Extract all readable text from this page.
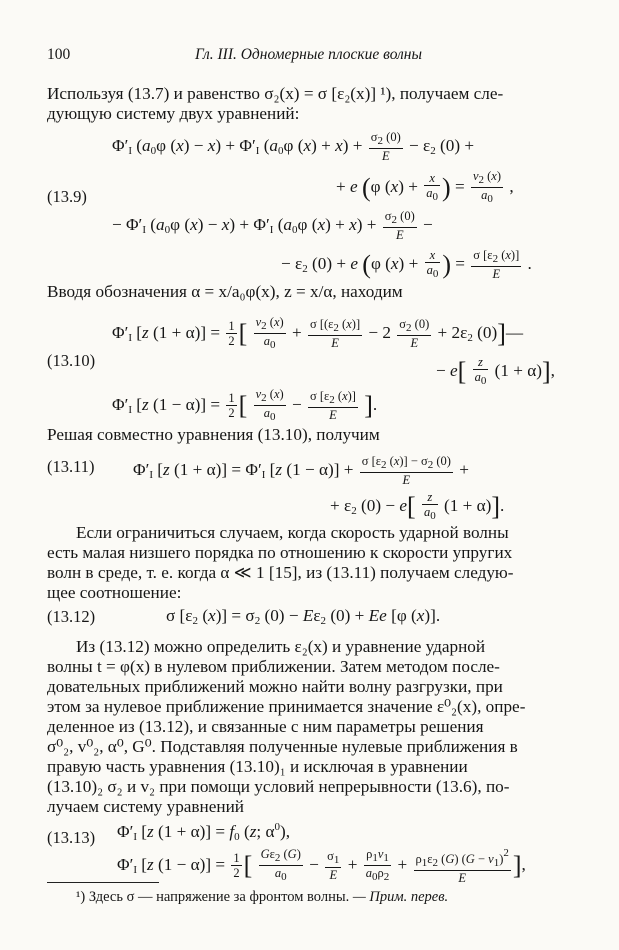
100	Гл. III. Одномерные плоские волны
Используя (13.7) и равенство σ₂(x) = σ [ε₂(x)] ¹), получаем сле-
дующую систему двух уравнений:
(13.9)
$\Phi'_I$ ($a_0\varphi$ $(x) - x) + \Phi'_I$ ($a_0\varphi$ $(x) + x) + \frac{\sigma 2 (0)}{E} - \varepsilon_2$ (0) +
+ e (φ $(x) + \frac{x}{a0}$ ) = $\frac{v2 (x)}{a0}$ ,
− $\Phi'_I$ ($a_0\varphi$ $(x) - x) + \Phi'_I$ ($a_0\varphi$ $(x) + x) + \frac{\sigma 2 (0)}{E}$ −
− $\varepsilon_2$ (0) + e (φ $(x) + \frac{x}{a0}$ ) = $\frac{\sigma [\varepsilon 2 (x)]}{E}$ .
Вводя обозначения α = x/a₀φ(x), z = x/α, находим
(13.10)
$\Phi'_I$ [z $(1 + \alpha)] = \frac{1}{2}$ [ $\frac{v2 (x)}{a0} + \frac{\sigma [(\varepsilon 2 (x)]}{E} - 2 \frac{\sigma 2 (0)}{E} + 2\varepsilon_2$ (0)]—
− $e[ \frac{z}{a0} (1 + \alpha)]$,
$\Phi'_I$ [z $(1 - \alpha)] = \frac{1}{2}$ [ $\frac{v2 (x)}{a0} - \frac{\sigma [\varepsilon 2 (x)]}{E}$ ].
Решая совместно уравнения (13.10), получим
(13.11) $\Phi'_I$ [z $(1 + \alpha)] = \Phi'_I$ [z $(1 - \alpha)] + \frac{\sigma [\varepsilon 2 (x)] - \sigma 2 (0)}{E}$ +
+ $\varepsilon_2$ $(0) - e[ \frac{z}{a0} (1 + \alpha)]$.
Если ограничиться случаем, когда скорость ударной волны
есть малая низшего порядка по отношению к скорости упругих
волн в среде, т. е. когда α ≪ 1 [15], из (13.11) получаем следую-
щее соотношение:
(13.12)	σ [$\varepsilon_2$ $(x)] = \sigma_2$ $(0) - E\varepsilon_2$ (0) + Ee [φ (x)].
Из (13.12) можно определить ε₂(x) и уравнение ударной
волны t = φ(x) в нулевом приближении. Затем методом после-
довательных приближений можно найти волну разгрузки, при
этом за нулевое приближение принимается значение ε⁰₂(x), опре-
деленное из (13.12), и связанные с ним параметры решения
σ⁰₂, v⁰₂, α⁰, G⁰. Подставляя полученные нулевые приближения в
правую часть уравнения (13.10)₁ и исключая в уравнении
(13.10)₂ σ₂ и v₂ при помощи условий непрерывности (13.6), по-
лучаем систему уравнений
(13.13) $\Phi'_I$ [z $(1 + \alpha)] = f_0$ (z; $\alpha^0$),
$\Phi'_I$ [z $(1 - \alpha)] = \frac{1}{2}$ [ $\frac{G\varepsilon 2 (G)}{a0} - \frac{\sigma 1}{E} + \frac{\rho 1v1}{a0\rho 2} + \frac{\rho 1\varepsilon 2 (G) (G - v1)2}{E}$ ],
¹) Здесь σ — напряжение за фронтом волны. — Прим. перев.
